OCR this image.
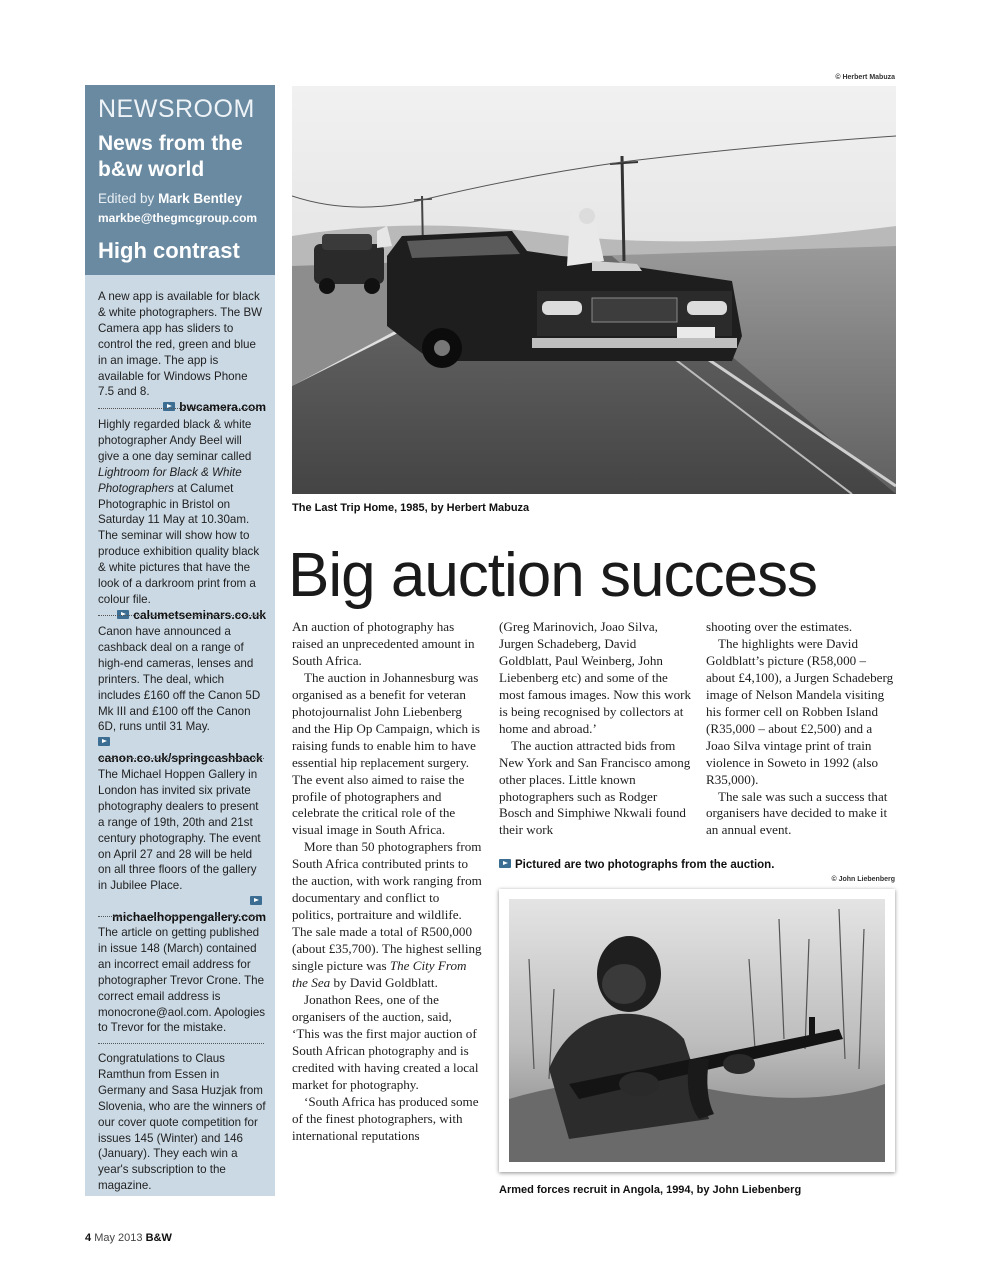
© Herbert Mabuza
NEWSROOM
News from the b&w world
Edited by Mark Bentley
markbe@thegmcgroup.com
High contrast
A new app is available for black & white photographers. The BW Camera app has sliders to control the red, green and blue in an image. The app is available for Windows Phone 7.5 and 8.
bwcamera.com
Highly regarded black & white photographer Andy Beel will give a one day seminar called Lightroom for Black & White Photographers at Calumet Photographic in Bristol on Saturday 11 May at 10.30am. The seminar will show how to produce exhibition quality black & white pictures that have the look of a darkroom print from a colour file.
calumetseminars.co.uk
Canon have announced a cashback deal on a range of high-end cameras, lenses and printers. The deal, which includes £160 off the Canon 5D Mk III and £100 off the Canon 6D, runs until 31 May.
canon.co.uk/springcashback
The Michael Hoppen Gallery in London has invited six private photography dealers to present a range of 19th, 20th and 21st century photography. The event on April 27 and 28 will be held on all three floors of the gallery in Jubilee Place.
michaelhoppengallery.com
The article on getting published in issue 148 (March) contained an incorrect email address for photographer Trevor Crone. The correct email address is monocrone@aol.com. Apologies to Trevor for the mistake.
Congratulations to Claus Ramthun from Essen in Germany and Sasa Huzjak from Slovenia, who are the winners of our cover quote competition for issues 145 (Winter) and 146 (January). They each win a year's subscription to the magazine.
The Last Trip Home, 1985, by Herbert Mabuza
Big auction success

An auction of photography has raised an unprecedented amount in South Africa.

The auction in Johannesburg was organised as a benefit for veteran photojournalist John Liebenberg and the Hip Op Campaign, which is raising funds to enable him to have essential hip replacement surgery. The event also aimed to raise the profile of photographers and celebrate the critical role of the visual image in South Africa.

More than 50 photographers from South Africa contributed prints to the auction, with work ranging from documentary and conflict to politics, portraiture and wildlife. The sale made a total of R500,000 (about £35,700). The highest selling single picture was The City From the Sea by David Goldblatt.

Jonathon Rees, one of the organisers of the auction, said, ‘This was the first major auction of South African photography and is credited with having created a local market for photography.

‘South Africa has produced some of the finest photographers, with international reputations

(Greg Marinovich, Joao Silva, Jurgen Schadeberg, David Goldblatt, Paul Weinberg, John Liebenberg etc) and some of the most famous images. Now this work is being recognised by collectors at home and abroad.’

The auction attracted bids from New York and San Francisco among other places. Little known photographers such as Rodger Bosch and Simphiwe Nkwali found their work

shooting over the estimates.

The highlights were David Goldblatt’s picture (R58,000 – about £4,100), a Jurgen Schadeberg image of Nelson Mandela visiting his former cell on Robben Island (R35,000 – about £2,500) and a Joao Silva vintage print of train violence in Soweto in 1992 (also R35,000).

The sale was such a success that organisers have decided to make it an annual event.

Pictured are two photographs from the auction.
© John Liebenberg
Armed forces recruit in Angola, 1994, by John Liebenberg
4 May 2013 B&W
